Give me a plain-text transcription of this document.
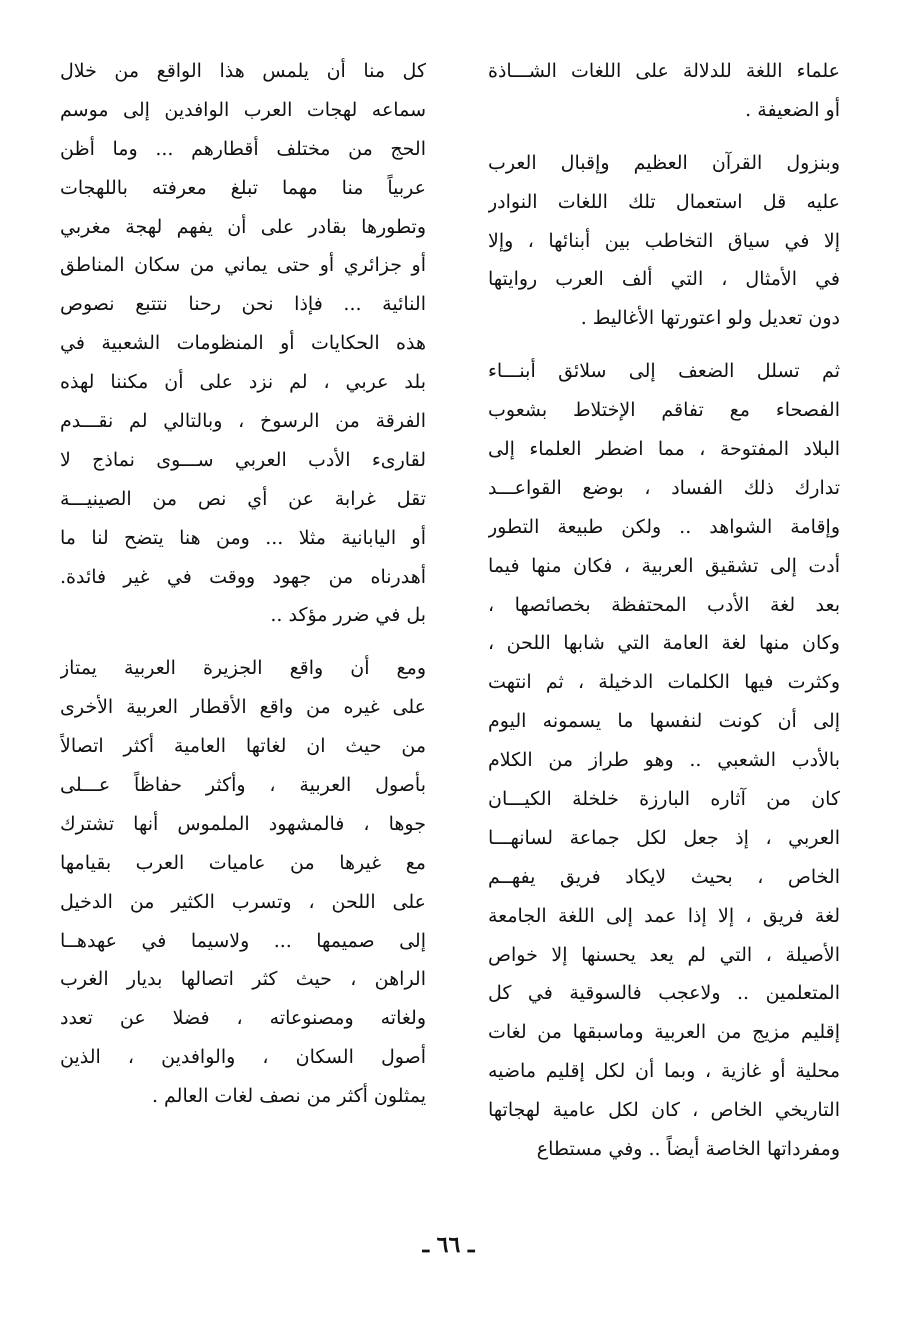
علماء اللغة للدلالة على اللغات الشـــاذة
أو الضعيفة .
وبنزول القرآن العظيم وإقبال العرب
عليه قل استعمال تلك اللغات النوادر
إلا في سياق التخاطب بين أبنائها ، وإلا
في الأمثال ، التي ألف العرب روايتها
دون تعديل ولو اعتورتها الأغاليط .
ثم تسلل الضعف إلى سلائق أبنـــاء
الفصحاء مع تفاقم الإختلاط بشعوب
البلاد المفتوحة ، مما اضطر العلماء إلى
تدارك ذلك الفساد ، بوضع القواعـــد
وإقامة الشواهد .. ولكن طبيعة التطور
أدت إلى تشقيق العربية ، فكان منها فيما
بعد لغة الأدب المحتفظة بخصائصها ،
وكان منها لغة العامة التي شابها اللحن ،
وكثرت فيها الكلمات الدخيلة ، ثم انتهت
إلى أن كونت لنفسها ما يسمونه اليوم
بالأدب الشعبي .. وهو طراز من الكلام
كان من آثاره البارزة خلخلة الكيـــان
العربي ، إذ جعل لكل جماعة لسانهـــا
الخاص ، بحيث لايكاد فريق يفهــم
لغة فريق ، إلا إذا عمد إلى اللغة الجامعة
الأصيلة ، التي لم يعد يحسنها إلا خواص
المتعلمين .. ولاعجب فالسوقية في كل
إقليم مزيج من العربية وماسبقها من لغات
محلية أو غازية ، وبما أن لكل إقليم ماضيه
التاريخي الخاص ، كان لكل عامية لهجاتها
ومفرداتها الخاصة أيضاً .. وفي مستطاع
كل منا أن يلمس هذا الواقع من خلال
سماعه لهجات العرب الوافدين إلى موسم
الحج من مختلف أقطارهم ... وما أظن
عربياً منا مهما تبلغ معرفته باللهجات
وتطورها بقادر على أن يفهم لهجة مغربي
أو جزائري أو حتى يماني من سكان المناطق
النائية ... فإذا نحن رحنا نتتبع نصوص
هذه الحكايات أو المنظومات الشعبية في
بلد عربي ، لم نزد على أن مكننا لهذه
الفرقة من الرسوخ ، وبالتالي لم نقـــدم
لقارىء الأدب العربي ســـوى نماذج لا
تقل غرابة عن أي نص من الصينيـــة
أو اليابانية مثلا ... ومن هنا يتضح لنا ما
أهدرناه من جهود ووقت في غير فائدة.
بل في ضرر مؤكد ..
ومع أن واقع الجزيرة العربية يمتاز
على غيره من واقع الأقطار العربية الأخرى
من حيث ان لغاتها العامية أكثر اتصالاً
بأصول العربية ، وأكثر حفاظاً عـــلى
جوها ، فالمشهود الملموس أنها تشترك
مع غيرها من عاميات العرب بقيامها
على اللحن ، وتسرب الكثير من الدخيل
إلى صميمها ... ولاسيما في عهدهــا
الراهن ، حيث كثر اتصالها بديار الغرب
ولغاته ومصنوعاته ، فضلا عن تعدد
أصول السكان ، والوافدين ، الذين
يمثلون أكثر من نصف لغات العالم .
ـ ٦٦ ـ
